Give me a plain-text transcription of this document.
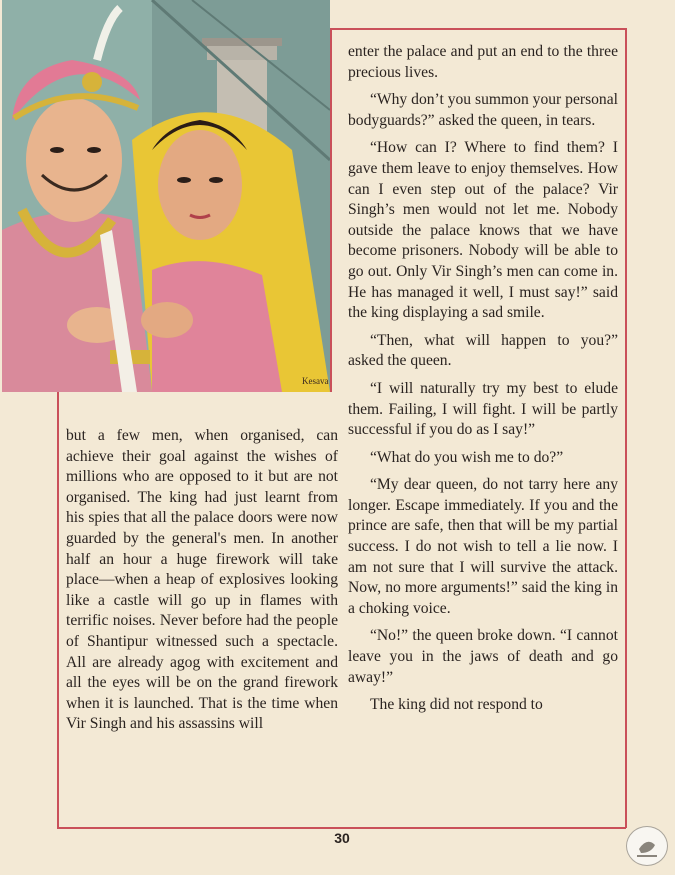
Kesava

but a few men, when organised, can achieve their goal against the wishes of millions who are opposed to it but are not organised. The king had just learnt from his spies that all the palace doors were now guarded by the general's men. In another half an hour a huge firework will take place—when a heap of explosives looking like a castle will go up in flames with terrific noises. Never before had the people of Shantipur witnessed such a spectacle. All are already agog with excitement and all the eyes will be on the grand firework when it is launched. That is the time when Vir Singh and his assassins will

enter the palace and put an end to the three precious lives.

“Why don’t you summon your personal bodyguards?” asked the queen, in tears.

“How can I? Where to find them? I gave them leave to enjoy themselves. How can I even step out of the palace? Vir Singh’s men would not let me. Nobody outside the palace knows that we have become prisoners. Nobody will be able to go out. Only Vir Singh’s men can come in. He has managed it well, I must say!” said the king displaying a sad smile.

“Then, what will happen to you?” asked the queen.

“I will naturally try my best to elude them. Failing, I will fight. I will be partly successful if you do as I say!”

“What do you wish me to do?”

“My dear queen, do not tarry here any longer. Escape immediately. If you and the prince are safe, then that will be my partial success. I do not wish to tell a lie now. I am not sure that I will survive the attack. Now, no more arguments!” said the king in a choking voice.

“No!” the queen broke down. “I cannot leave you in the jaws of death and go away!”

The king did not respond to

30
